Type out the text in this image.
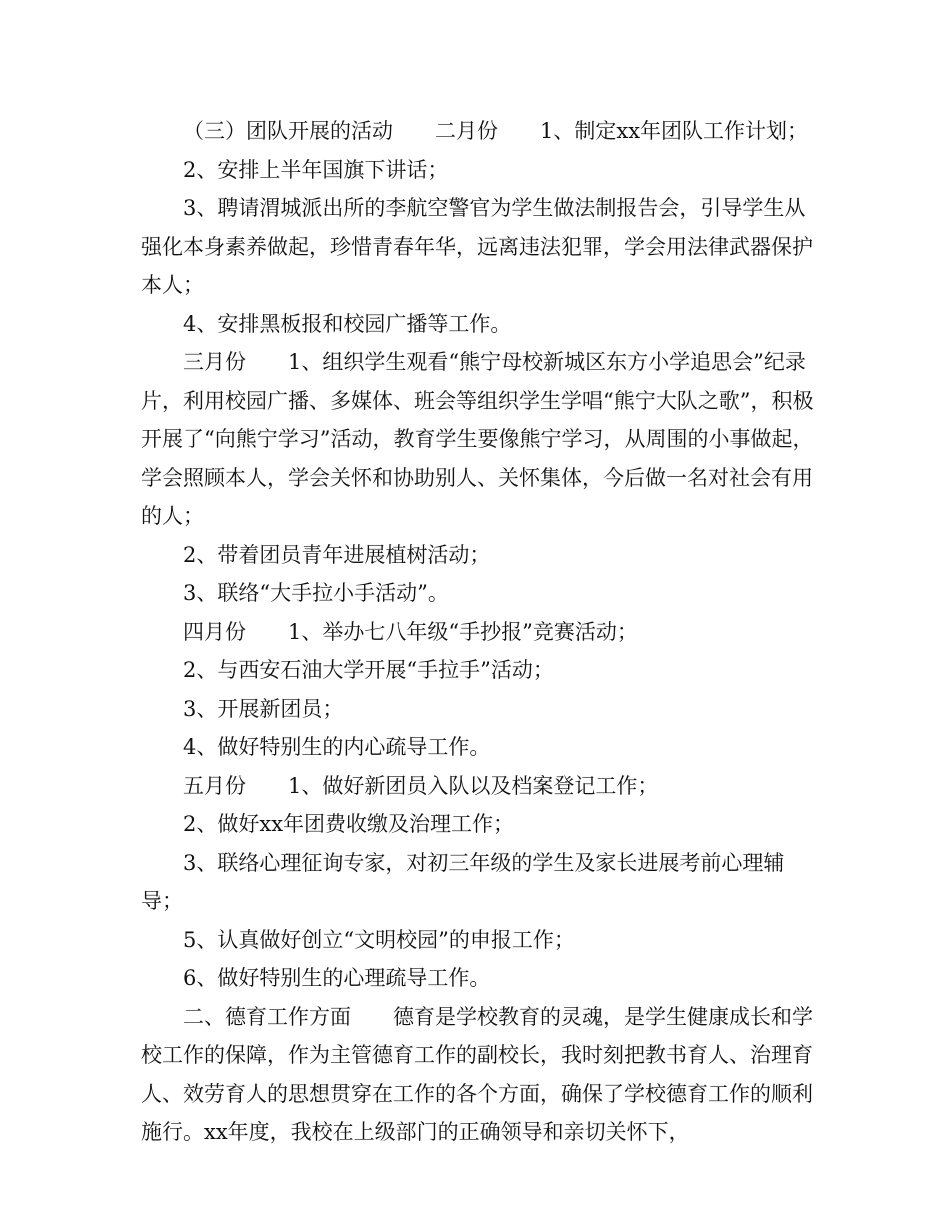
（三）团队开展的活动　　二月份　　1、制定xx年团队工作计划；

2、安排上半年国旗下讲话；

3、聘请渭城派出所的李航空警官为学生做法制报告会，引导学生从强化本身素养做起，珍惜青春年华，远离违法犯罪，学会用法律武器保护本人；

4、安排黑板报和校园广播等工作。

三月份　　1、组织学生观看“熊宁母校新城区东方小学追思会”纪录片，利用校园广播、多媒体、班会等组织学生学唱“熊宁大队之歌”，积极开展了“向熊宁学习”活动，教育学生要像熊宁学习，从周围的小事做起，学会照顾本人，学会关怀和协助别人、关怀集体，今后做一名对社会有用的人；

2、带着团员青年进展植树活动；

3、联络“大手拉小手活动”。

四月份　　1、举办七八年级“手抄报”竞赛活动；

2、与西安石油大学开展“手拉手”活动；

3、开展新团员；

4、做好特别生的内心疏导工作。

五月份　　1、做好新团员入队以及档案登记工作；

2、做好xx年团费收缴及治理工作；

3、联络心理征询专家，对初三年级的学生及家长进展考前心理辅导；

5、认真做好创立“文明校园”的申报工作；

6、做好特别生的心理疏导工作。

二、德育工作方面　　德育是学校教育的灵魂，是学生健康成长和学校工作的保障，作为主管德育工作的副校长，我时刻把教书育人、治理育人、效劳育人的思想贯穿在工作的各个方面，确保了学校德育工作的顺利施行。xx年度，我校在上级部门的正确领导和亲切关怀下，
